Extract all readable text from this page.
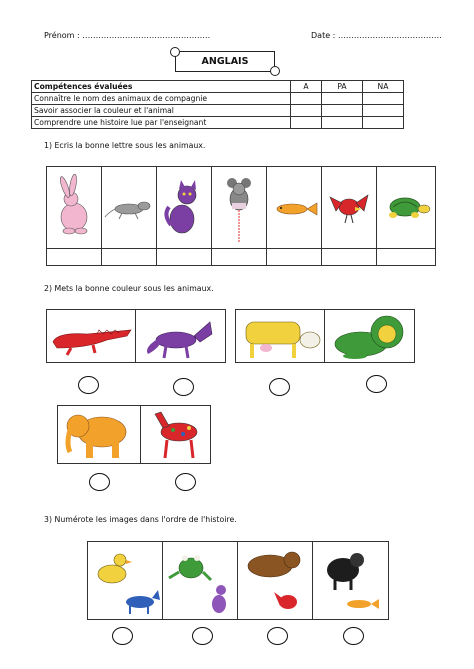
Prénom : …………………………………………	Date : …………………………………
ANGLAIS
Compétences évaluées	A	PA	NA
Connaître le nom des animaux de compagnie			
Savoir associer la couleur et l'animal			
Comprendre une histoire lue par l'enseignant			
1) Ecris la bonne lettre sous les animaux.
2) Mets la bonne couleur sous les animaux.
3) Numérote les images dans l'ordre de l'histoire.
